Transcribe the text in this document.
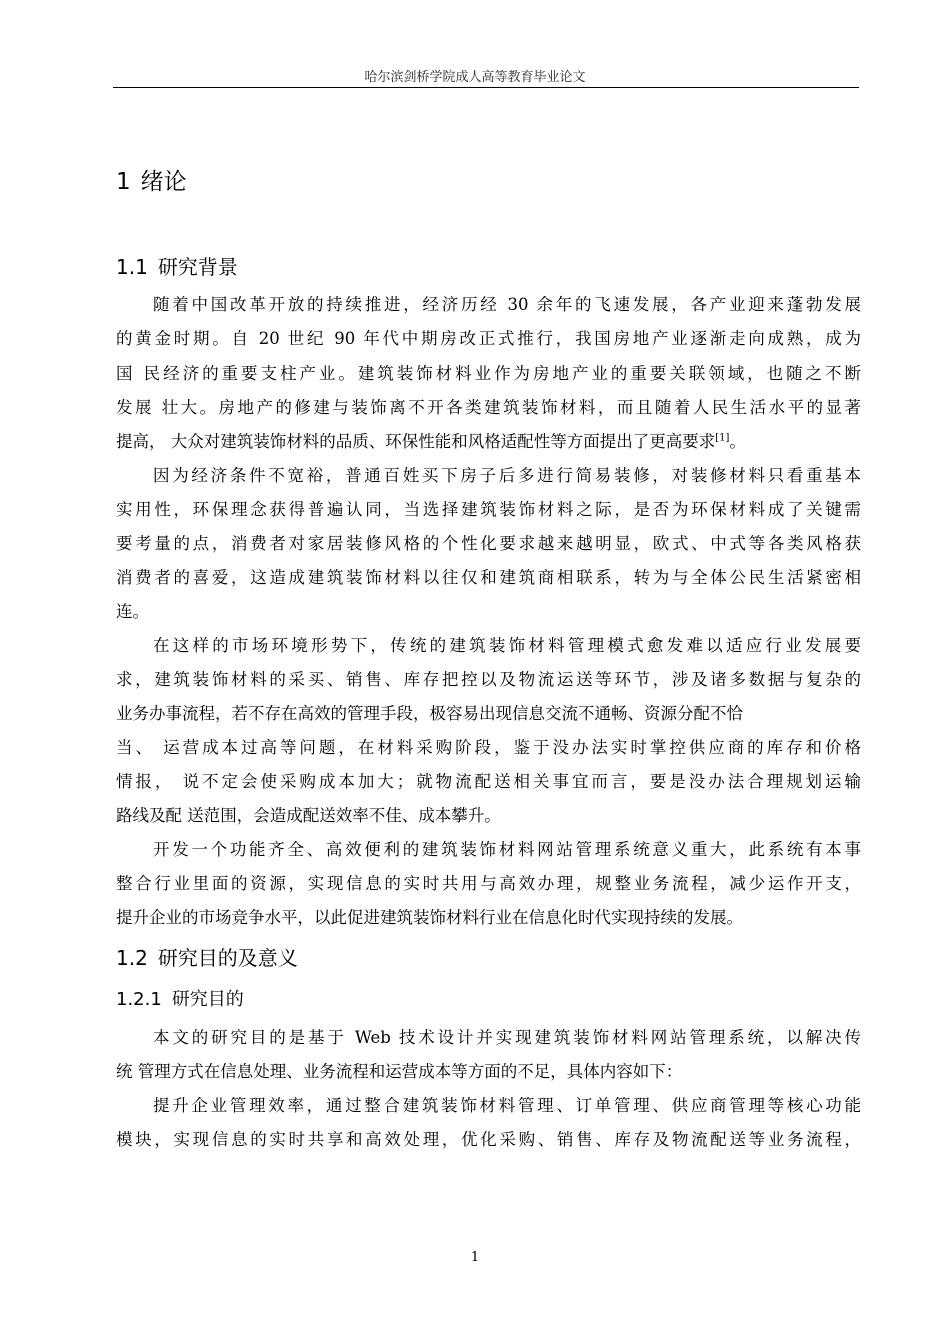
哈尔滨剑桥学院成人高等教育毕业论文
1 绪论
1.1 研究背景
随着中国改革开放的持续推进，经济历经 30 余年的飞速发展，各产业迎来蓬勃发展
的黄金时期。自 20 世纪 90 年代中期房改正式推行，我国房地产业逐渐走向成熟，成为
国 民经济的重要支柱产业。建筑装饰材料业作为房地产业的重要关联领域，也随之不断
发展 壮大。房地产的修建与装饰离不开各类建筑装饰材料，而且随着人民生活水平的显著
提高， 大众对建筑装饰材料的品质、环保性能和风格适配性等方面提出了更高要求[1]。
因为经济条件不宽裕，普通百姓买下房子后多进行简易装修，对装修材料只看重基本
实用性，环保理念获得普遍认同，当选择建筑装饰材料之际，是否为环保材料成了关键需
要考量的点，消费者对家居装修风格的个性化要求越来越明显，欧式、中式等各类风格获
消费者的喜爱，这造成建筑装饰材料以往仅和建筑商相联系，转为与全体公民生活紧密相
连。
在这样的市场环境形势下，传统的建筑装饰材料管理模式愈发难以适应行业发展要
求，建筑装饰材料的采买、销售、库存把控以及物流运送等环节，涉及诸多数据与复杂的
业务办事流程，若不存在高效的管理手段，极容易出现信息交流不通畅、资源分配不恰
当、 运营成本过高等问题，在材料采购阶段，鉴于没办法实时掌控供应商的库存和价格
情报， 说不定会使采购成本加大；就物流配送相关事宜而言，要是没办法合理规划运输
路线及配 送范围，会造成配送效率不佳、成本攀升。
开发一个功能齐全、高效便利的建筑装饰材料网站管理系统意义重大，此系统有本事
整合行业里面的资源，实现信息的实时共用与高效办理，规整业务流程，减少运作开支，
提升企业的市场竞争水平，以此促进建筑装饰材料行业在信息化时代实现持续的发展。
1.2 研究目的及意义
1.2.1 研究目的
本文的研究目的是基于 Web 技术设计并实现建筑装饰材料网站管理系统，以解决传
统 管理方式在信息处理、业务流程和运营成本等方面的不足，具体内容如下：
提升企业管理效率，通过整合建筑装饰材料管理、订单管理、供应商管理等核心功能
模块，实现信息的实时共享和高效处理，优化采购、销售、库存及物流配送等业务流程，
1
